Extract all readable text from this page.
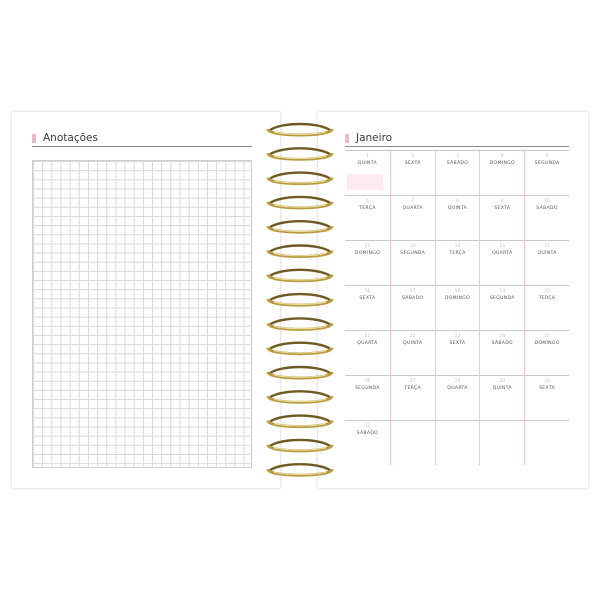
Anotações	Janeiro
1
QUINTA
2
SEXTA
3
SÁBADO
4
DOMINGO
5
SEGUNDA
6
TERÇA
7
QUARTA
8
QUINTA
9
SEXTA
10
SÁBADO
11
DOMINGO
12
SEGUNDA
13
TERÇA
14
QUARTA
15
QUINTA
16
SEXTA
17
SÁBADO
18
DOMINGO
19
SEGUNDA
20
TERÇA
21
QUARTA
22
QUINTA
23
SEXTA
24
SÁBADO
25
DOMINGO
26
SEGUNDA
27
TERÇA
28
QUARTA
29
QUINTA
30
SEXTA
31
SÁBADO
